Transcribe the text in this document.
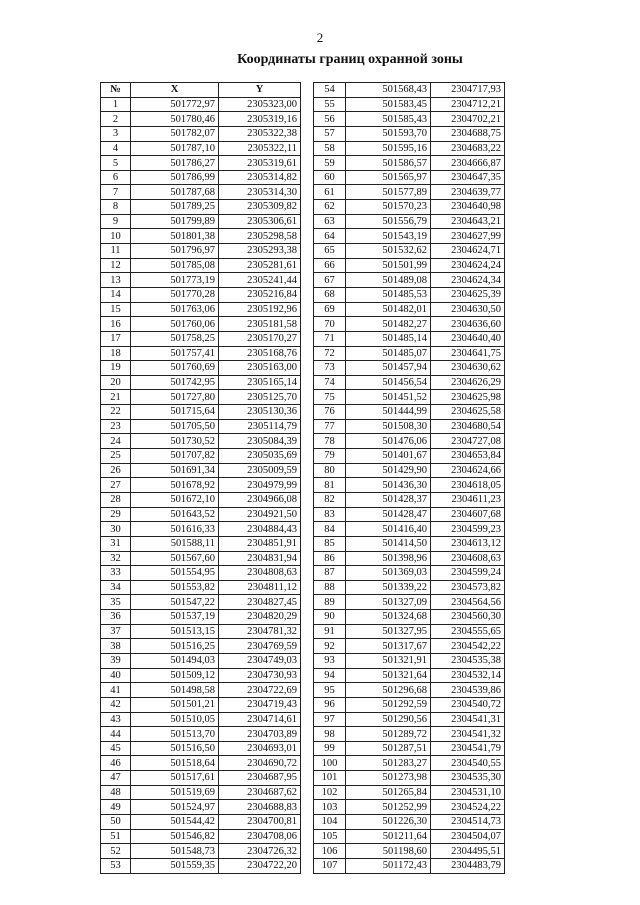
2
Координаты границ охранной зоны
№	X	Y
1	501772,97	2305323,00
2	501780,46	2305319,16
3	501782,07	2305322,38
4	501787,10	2305322,11
5	501786,27	2305319,61
6	501786,99	2305314,82
7	501787,68	2305314,30
8	501789,25	2305309,82
9	501799,89	2305306,61
10	501801,38	2305298,58
11	501796,97	2305293,38
12	501785,08	2305281,61
13	501773,19	2305241,44
14	501770,28	2305216,84
15	501763,06	2305192,96
16	501760,06	2305181,58
17	501758,25	2305170,27
18	501757,41	2305168,76
19	501760,69	2305163,00
20	501742,95	2305165,14
21	501727,80	2305125,70
22	501715,64	2305130,36
23	501705,50	2305114,79
24	501730,52	2305084,39
25	501707,82	2305035,69
26	501691,34	2305009,59
27	501678,92	2304979,99
28	501672,10	2304966,08
29	501643,52	2304921,50
30	501616,33	2304884,43
31	501588,11	2304851,91
32	501567,60	2304831,94
33	501554,95	2304808,63
34	501553,82	2304811,12
35	501547,22	2304827,45
36	501537,19	2304820,29
37	501513,15	2304781,32
38	501516,25	2304769,59
39	501494,03	2304749,03
40	501509,12	2304730,93
41	501498,58	2304722,69
42	501501,21	2304719,43
43	501510,05	2304714,61
44	501513,70	2304703,89
45	501516,50	2304693,01
46	501518,64	2304690,72
47	501517,61	2304687,95
48	501519,69	2304687,62
49	501524,97	2304688,83
50	501544,42	2304700,81
51	501546,82	2304708,06
52	501548,73	2304726,32
53	501559,35	2304722,20
54	501568,43	2304717,93
55	501583,45	2304712,21
56	501585,43	2304702,21
57	501593,70	2304688,75
58	501595,16	2304683,22
59	501586,57	2304666,87
60	501565,97	2304647,35
61	501577,89	2304639,77
62	501570,23	2304640,98
63	501556,79	2304643,21
64	501543,19	2304627,99
65	501532,62	2304624,71
66	501501,99	2304624,24
67	501489,08	2304624,34
68	501485,53	2304625,39
69	501482,01	2304630,50
70	501482,27	2304636,60
71	501485,14	2304640,40
72	501485,07	2304641,75
73	501457,94	2304630,62
74	501456,54	2304626,29
75	501451,52	2304625,98
76	501444,99	2304625,58
77	501508,30	2304680,54
78	501476,06	2304727,08
79	501401,67	2304653,84
80	501429,90	2304624,66
81	501436,30	2304618,05
82	501428,37	2304611,23
83	501428,47	2304607,68
84	501416,40	2304599,23
85	501414,50	2304613,12
86	501398,96	2304608,63
87	501369,03	2304599,24
88	501339,22	2304573,82
89	501327,09	2304564,56
90	501324,68	2304560,30
91	501327,95	2304555,65
92	501317,67	2304542,22
93	501321,91	2304535,38
94	501321,64	2304532,14
95	501296,68	2304539,86
96	501292,59	2304540,72
97	501290,56	2304541,31
98	501289,72	2304541,32
99	501287,51	2304541,79
100	501283,27	2304540,55
101	501273,98	2304535,30
102	501265,84	2304531,10
103	501252,99	2304524,22
104	501226,30	2304514,73
105	501211,64	2304504,07
106	501198,60	2304495,51
107	501172,43	2304483,79
